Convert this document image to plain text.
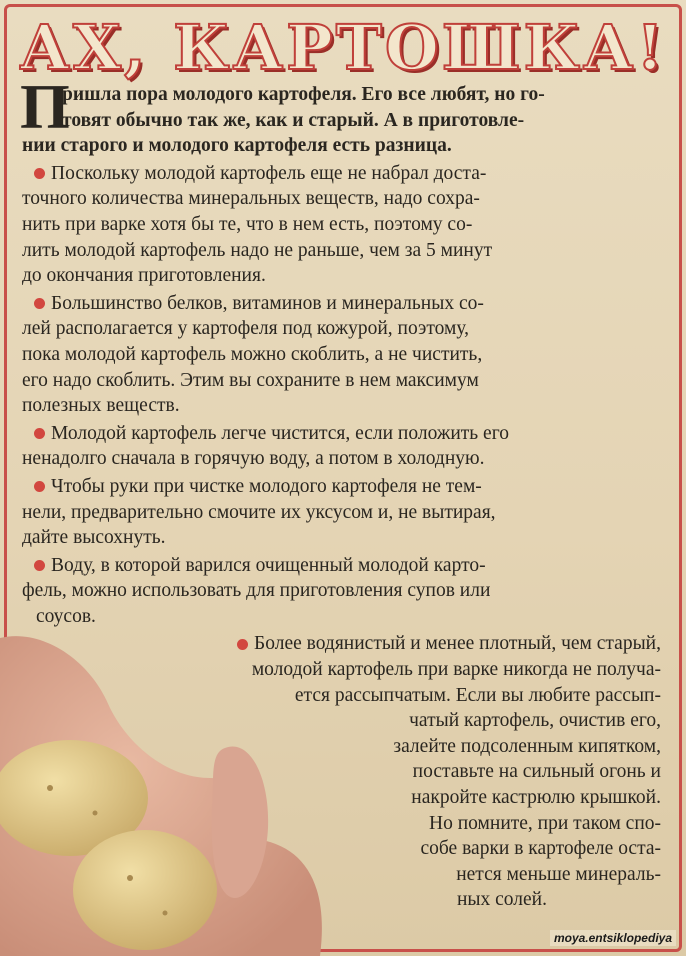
АХ, КАРТОШКА!
П
ришла пора молодого картофеля. Его все любят, но го-
товят обычно так же, как и старый. А в приготовле-
нии старого и молодого картофеля есть разница.
Поскольку молодой картофель еще не набрал доста-
точного количества минеральных веществ, надо сохра-
нить при варке хотя бы те, что в нем есть, поэтому со-
лить молодой картофель надо не раньше, чем за 5 минут
до окончания приготовления.
Большинство белков, витаминов и минеральных со-
лей располагается у картофеля под кожурой, поэтому,
пока молодой картофель можно скоблить, а не чистить,
его надо скоблить. Этим вы сохраните в нем максимум
полезных веществ.
Молодой картофель легче чистится, если положить его
ненадолго сначала в горячую воду, а потом в холодную.
Чтобы руки при чистке молодого картофеля не тем-
нели, предварительно смочите их уксусом и, не вытирая,
дайте высохнуть.
Воду, в которой варился очищенный молодой карто-
фель, можно использовать для приготовления супов или
соусов.
Более водянистый и менее плотный, чем старый,
молодой картофель при варке никогда не получа-
ется рассыпчатым. Если вы любите рассып-
чатый картофель, очистив его,
залейте подсоленным кипятком,
поставьте на сильный огонь и
накройте кастрюлю крышкой.
Но помните, при таком спо-
собе варки в картофеле оста-
нется меньше минераль-
ных солей.
moya.entsiklopediya
